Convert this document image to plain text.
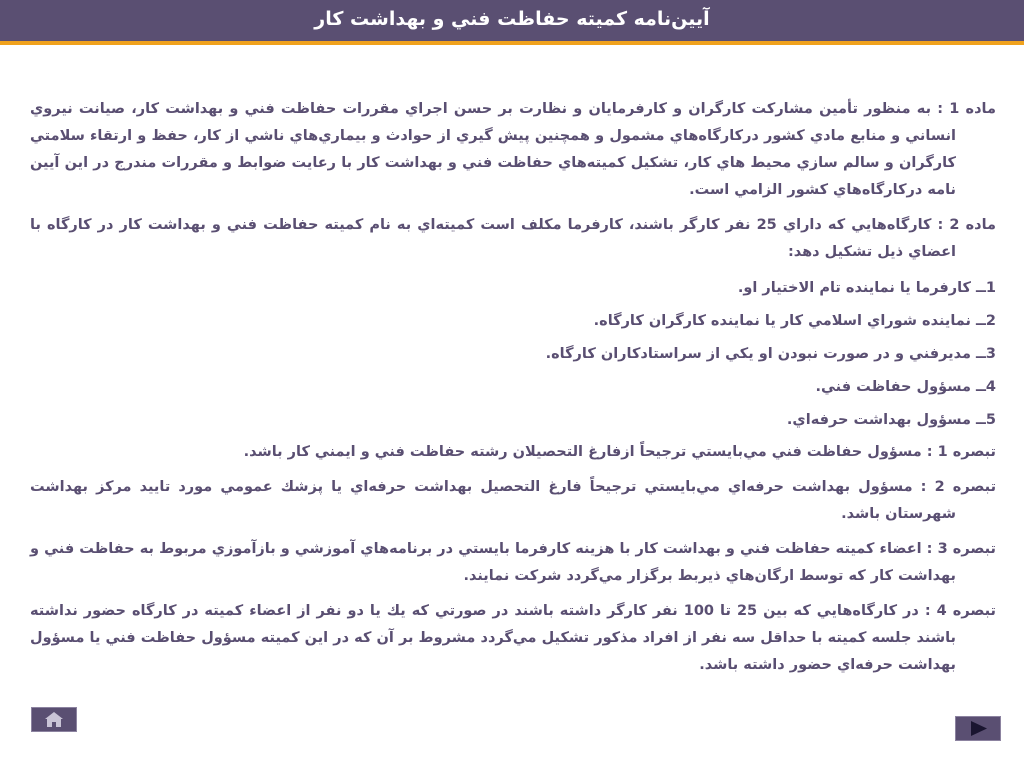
آيين‌نامه كميته حفاظت فني و بهداشت كار

ماده 1 : به منظور تأمين مشاركت كارگران و كارفرمايان و نظارت بر حسن اجراي مقررات حفاظت فني و بهداشت كار، صيانت نيروي انساني و منابع مادي كشور دركارگاه‌هاي مشمول و همچنين پيش گيري از حوادث و بيماري‌هاي ناشي از كار، حفظ و ارتقاء سلامتي كارگران و سالم سازي محيط هاي كار، تشكيل كميته‌هاي حفاظت فني و بهداشت كار با رعايت ضوابط و مقررات مندرج در اين آيين نامه دركارگاه‌هاي كشور الزامي است.

ماده 2 : كارگاه‌هايي كه داراي 25 نفر كارگر باشند، كارفرما مكلف است كميته‌اي به نام كميته حفاظت فني و بهداشت كار در كارگاه با اعضاي ذيل تشكيل دهد:

1ــ كارفرما يا نماينده تام الاختيار او.

2ــ نماينده شوراي اسلامي كار يا نماينده كارگران كارگاه.

3ــ مديرفني و در صورت نبودن او يكي از سراستادكاران كارگاه.

4ــ مسؤول حفاظت فني.

5ــ مسؤول بهداشت حرفه‌اي.

تبصره 1 : مسؤول حفاظت فني مي‌بايستي ترجيحاً ازفارغ التحصيلان رشته حفاظت فني و ايمني كار باشد.

تبصره 2 : مسؤول بهداشت حرفه‌اي مي‌بايستي ترجيحاً فارغ التحصيل بهداشت حرفه‌اي يا پزشك عمومي مورد تاييد مركز بهداشت شهرستان باشد.

تبصره 3 : اعضاء كميته حفاظت فني و بهداشت كار با هزينه كارفرما بايستي در برنامه‌هاي آموزشي و بازآموزي مربوط به حفاظت فني و بهداشت كار كه توسط ارگان‌هاي ذيربط برگزار مي‌گردد شركت نمايند.

تبصره 4 : در كارگاه‌هايي كه بين 25 تا 100 نفر كارگر داشته باشند در صورتي كه يك يا دو نفر از اعضاء كميته در كارگاه حضور نداشته باشند جلسه كميته با حداقل سه نفر از افراد مذكور تشكيل مي‌گردد مشروط بر آن كه در اين كميته مسؤول حفاظت فني يا مسؤول بهداشت حرفه‌اي حضور داشته باشد.
